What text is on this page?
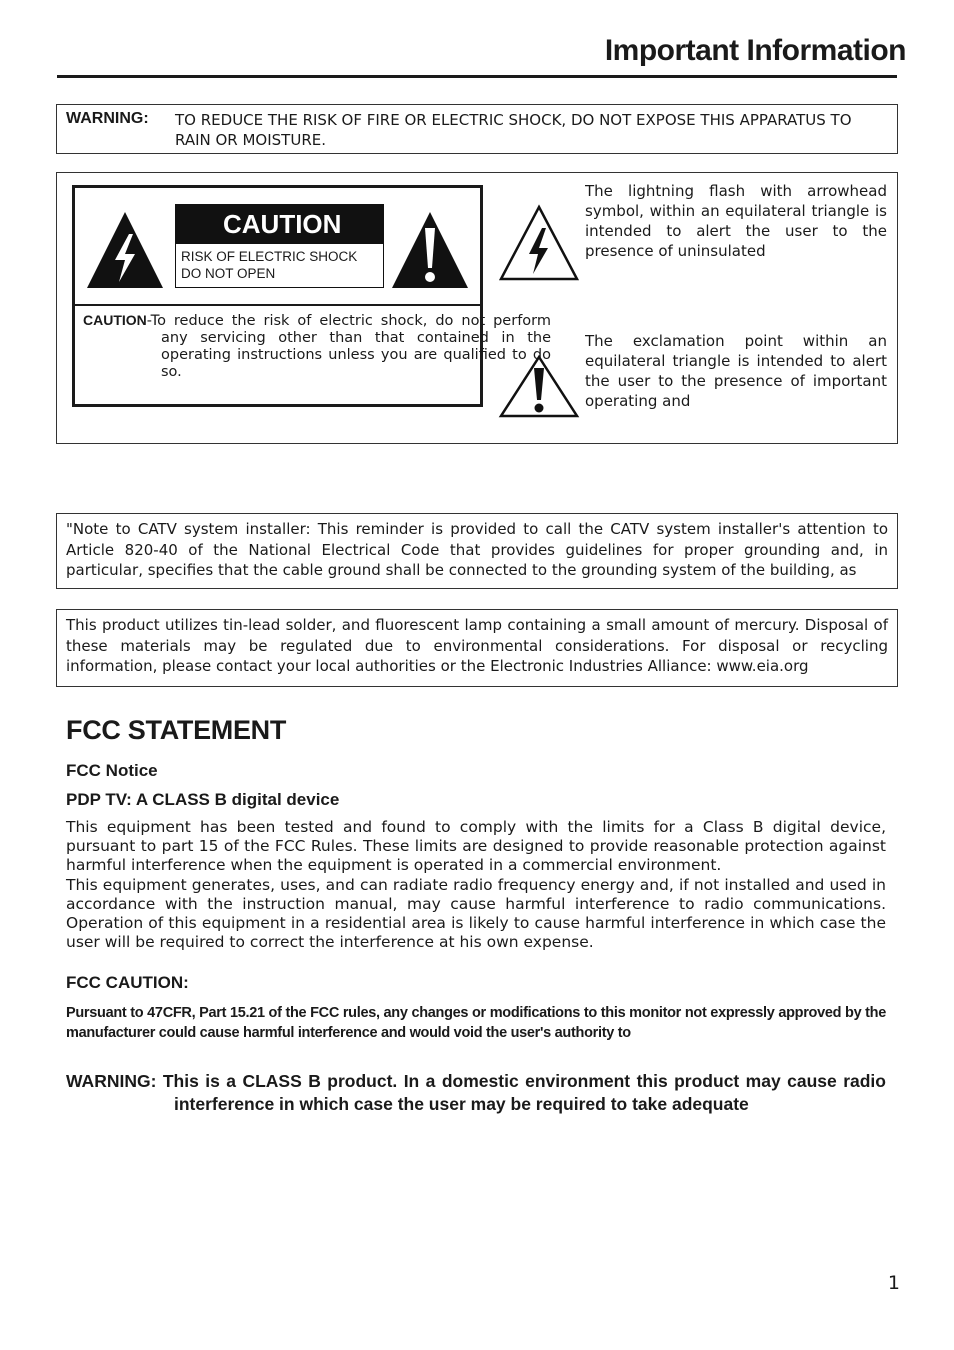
Important Information
WARNING: TO REDUCE THE RISK OF FIRE OR ELECTRIC SHOCK, DO NOT EXPOSE THIS APPARATUS TO RAIN OR MOISTURE.
CAUTION
RISK OF ELECTRIC SHOCK
DO NOT OPEN
CAUTION-To reduce the risk of electric shock, do not perform any servicing other than that contained in the operating instructions unless you are qualified to do so.
The lightning flash with arrowhead symbol, within an equilateral triangle is intended to alert the user to the presence of uninsulated
The exclamation point within an equilateral triangle is intended to alert the user to the presence of important operating and
"Note to CATV system installer: This reminder is provided to call the CATV system installer's attention to Article 820-40 of the National Electrical Code that provides guidelines for proper grounding and, in particular, specifies that the cable ground shall be connected to the grounding system of the building, as
This product utilizes tin-lead solder, and fluorescent lamp containing a small amount of mercury. Disposal of these materials may be regulated due to environmental considerations. For disposal or recycling information, please contact your local authorities or the Electronic Industries Alliance: www.eia.org
FCC STATEMENT
FCC Notice
PDP TV: A CLASS B digital device

This equipment has been tested and found to comply with the limits for a Class B digital device, pursuant to part 15 of the FCC Rules. These limits are designed to provide reasonable protection against harmful interference when the equipment is operated in a commercial environment.

This equipment generates, uses, and can radiate radio frequency energy and, if not installed and used in accordance with the instruction manual, may cause harmful interference to radio communications. Operation of this equipment in a residential area is likely to cause harmful interference in which case the user will be required to correct the interference at his own expense.

FCC CAUTION:
Pursuant to 47CFR, Part 15.21 of the FCC rules, any changes or modifications to this monitor not expressly approved by the manufacturer could cause harmful interference and would void the user's authority to
WARNING: This is a CLASS B product. In a domestic environment this product may cause radio interference in which case the user may be required to take adequate
1
